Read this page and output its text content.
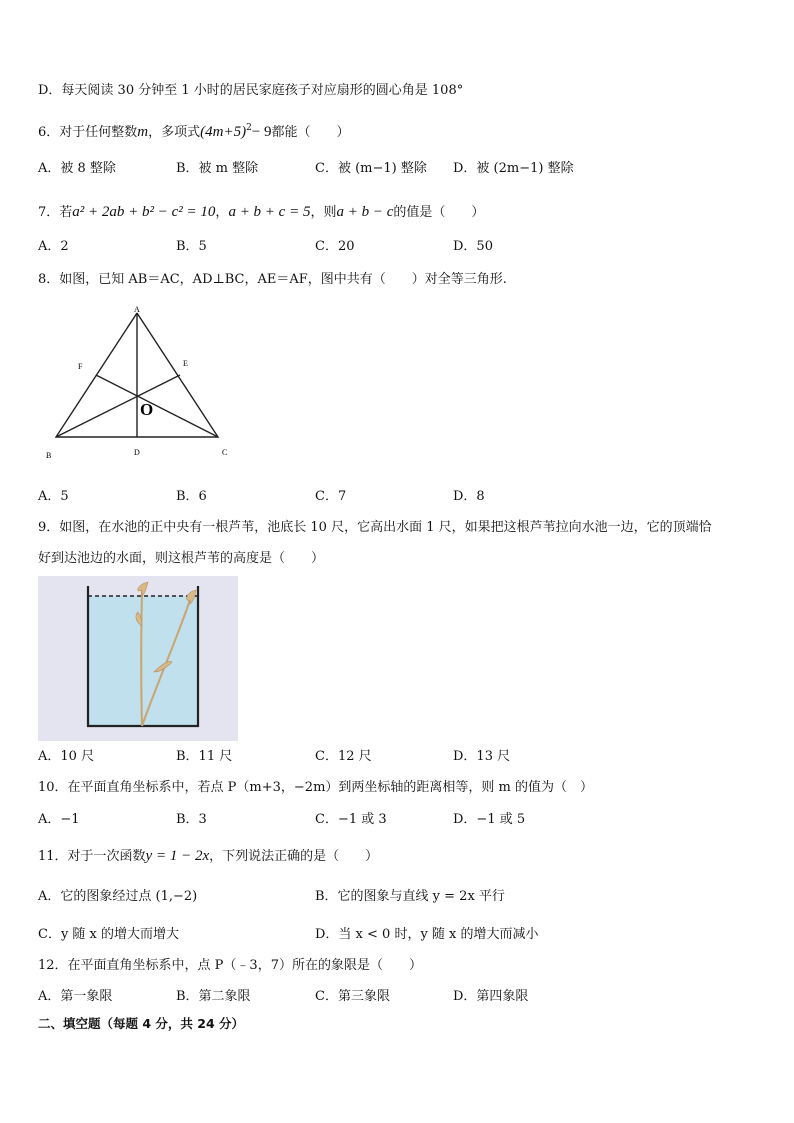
D．每天阅读 30 分钟至 1 小时的居民家庭孩子对应扇形的圆心角是 108°
6．对于任何整数m，多项式$(4m+5)^2- 9$都能（　　）
A．被 8 整除	B．被 m 整除	C．被 (m−1) 整除 D．被 (2m−1) 整除
7．若a² + 2ab + b² − c² = 10，a + b + c = 5，则a + b − c的值是（　　）
A．2	B．5	C．20	D．50
8．如图，已知 AB＝AC，AD⊥BC，AE＝AF，图中共有（　　）对全等三角形.
A
F	E
O
B	D	C
A．5	B．6	C．7	D．8
9．如图，在水池的正中央有一根芦苇，池底长 10 尺，它高出水面 1 尺，如果把这根芦苇拉向水池一边，它的顶端恰
好到达池边的水面，则这根芦苇的高度是（　　）
A．10 尺	B．11 尺	C．12 尺	D．13 尺
10．在平面直角坐标系中，若点 P（m+3，−2m）到两坐标轴的距离相等，则 m 的值为（　）
A．−1	B．3	C．−1 或 3	D．−1 或 5
11．对于一次函数y = 1 − 2x，下列说法正确的是（　　）
A．它的图象经过点 (1,−2)	B．它的图象与直线 y = 2x 平行
C．y 随 x 的增大而增大	D．当 x < 0 时，y 随 x 的增大而减小
12．在平面直角坐标系中，点 P（﹣3，7）所在的象限是（　　）
A．第一象限	B．第二象限	C．第三象限	D．第四象限
二、填空题（每题 4 分，共 24 分）
